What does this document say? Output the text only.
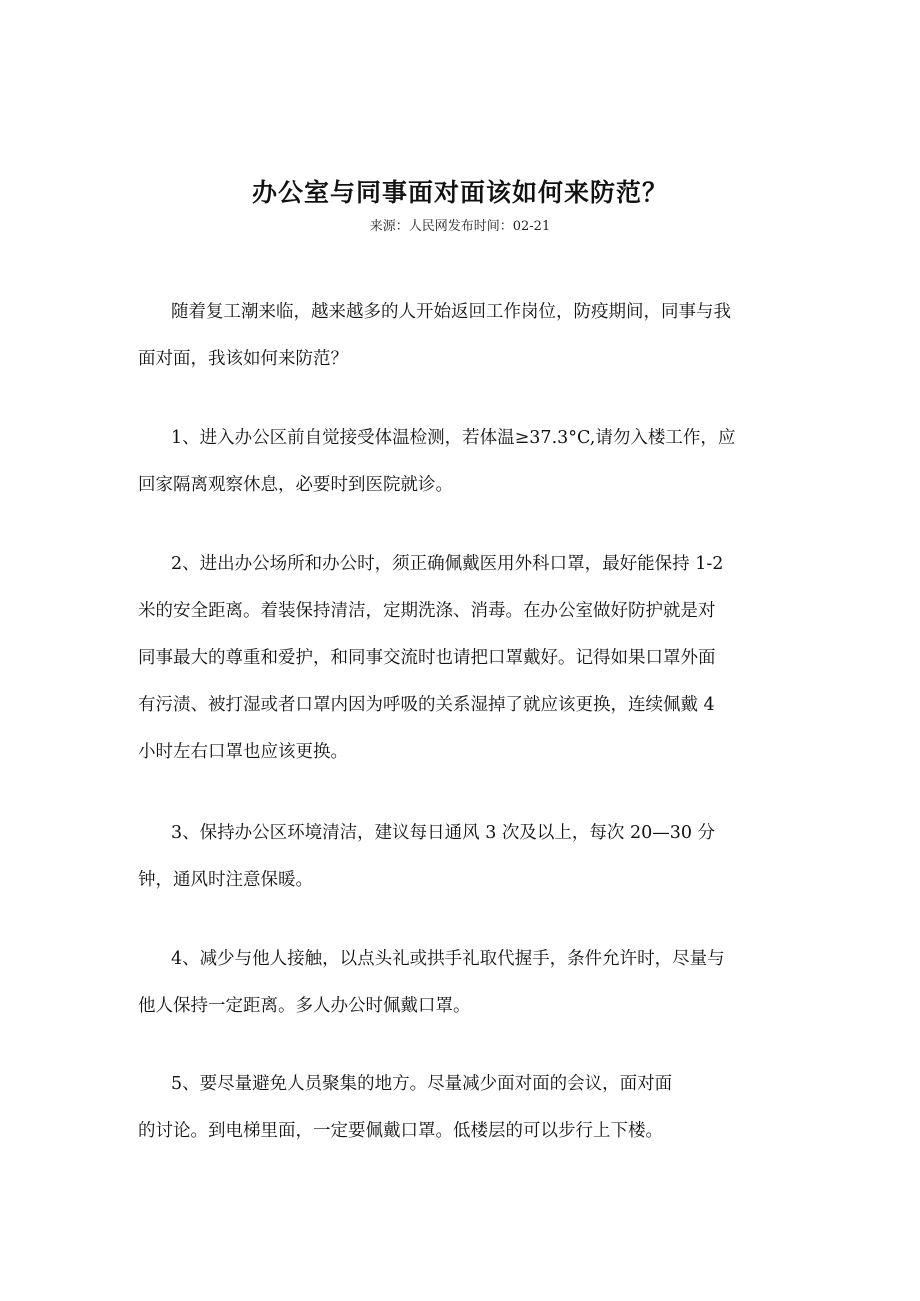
办公室与同事面对面该如何来防范？
来源：人民网发布时间：02-21

随着复工潮来临，越来越多的人开始返回工作岗位，防疫期间，同事与我
面对面，我该如何来防范？

1、进入办公区前自觉接受体温检测，若体温≥37.3°C,请勿入楼工作，应
回家隔离观察休息，必要时到医院就诊。

2、进出办公场所和办公时，须正确佩戴医用外科口罩，最好能保持 1-2
米的安全距离。着装保持清洁，定期洗涤、消毒。在办公室做好防护就是对
同事最大的尊重和爱护，和同事交流时也请把口罩戴好。记得如果口罩外面
有污渍、被打湿或者口罩内因为呼吸的关系湿掉了就应该更换，连续佩戴 4
小时左右口罩也应该更换。

3、保持办公区环境清洁，建议每日通风 3 次及以上，每次 20—30 分
钟，通风时注意保暖。

4、减少与他人接触，以点头礼或拱手礼取代握手，条件允许时，尽量与
他人保持一定距离。多人办公时佩戴口罩。

5、要尽量避免人员聚集的地方。尽量减少面对面的会议，面对面
的讨论。到电梯里面，一定要佩戴口罩。低楼层的可以步行上下楼。
